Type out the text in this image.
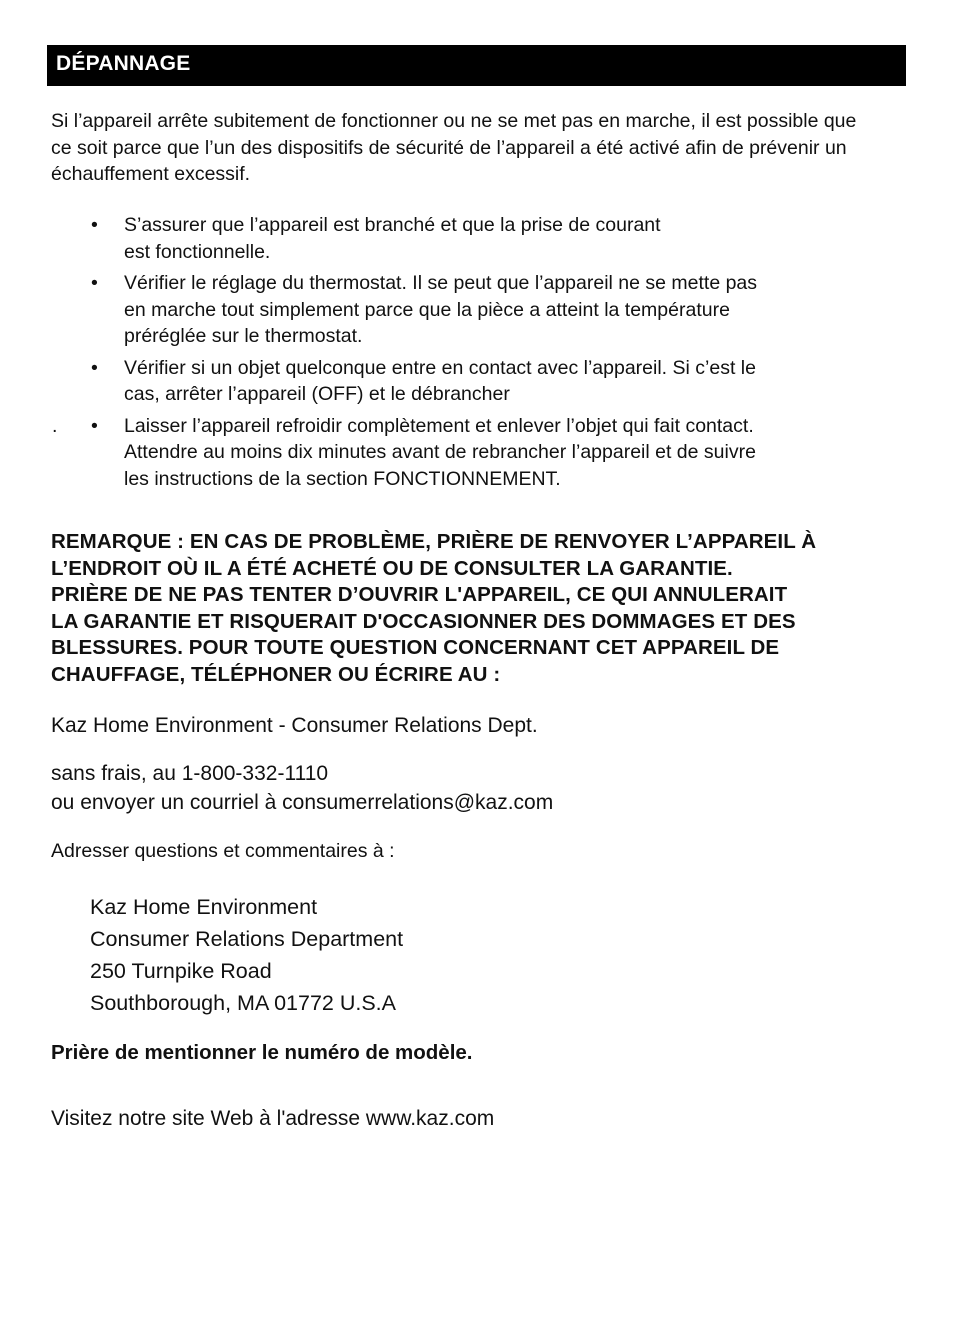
DÉPANNAGE
Si l’appareil arrête subitement de fonctionner ou ne se met pas en marche, il est possible que ce soit parce que l’un des dispositifs de sécurité de l’appareil a été activé afin de prévenir un échauffement excessif.
• S’assurer que l’appareil est branché et que la prise de courant
est fonctionnelle.
• Vérifier le réglage du thermostat. Il se peut que l’appareil ne se mette pas
en marche tout simplement parce que la pièce a atteint la température
préréglée sur le thermostat.
• Vérifier si un objet quelconque entre en contact avec l’appareil. Si c’est le
cas, arrêter l’appareil (OFF) et le débrancher
. • Laisser l’appareil refroidir complètement et enlever l’objet qui fait contact.
Attendre au moins dix minutes avant de rebrancher l’appareil et de suivre
les instructions de la section FONCTIONNEMENT.
REMARQUE : EN CAS DE PROBLÈME, PRIÈRE DE RENVOYER L’APPAREIL À
L’ENDROIT OÙ IL A ÉTÉ ACHETÉ OU DE CONSULTER LA GARANTIE.
PRIÈRE DE NE PAS TENTER D’OUVRIR L'APPAREIL, CE QUI ANNULERAIT
LA GARANTIE ET RISQUERAIT D'OCCASIONNER DES DOMMAGES ET DES
BLESSURES. POUR TOUTE QUESTION CONCERNANT CET APPAREIL DE
CHAUFFAGE, TÉLÉPHONER OU ÉCRIRE AU :
Kaz Home Environment - Consumer Relations Dept.
sans frais, au 1-800-332-1110
ou envoyer un courriel à consumerrelations@kaz.com
Adresser questions et commentaires à :
Kaz Home Environment
Consumer Relations Department
250 Turnpike Road
Southborough, MA 01772 U.S.A
Prière de mentionner le numéro de modèle.
Visitez notre site Web à l'adresse www.kaz.com
